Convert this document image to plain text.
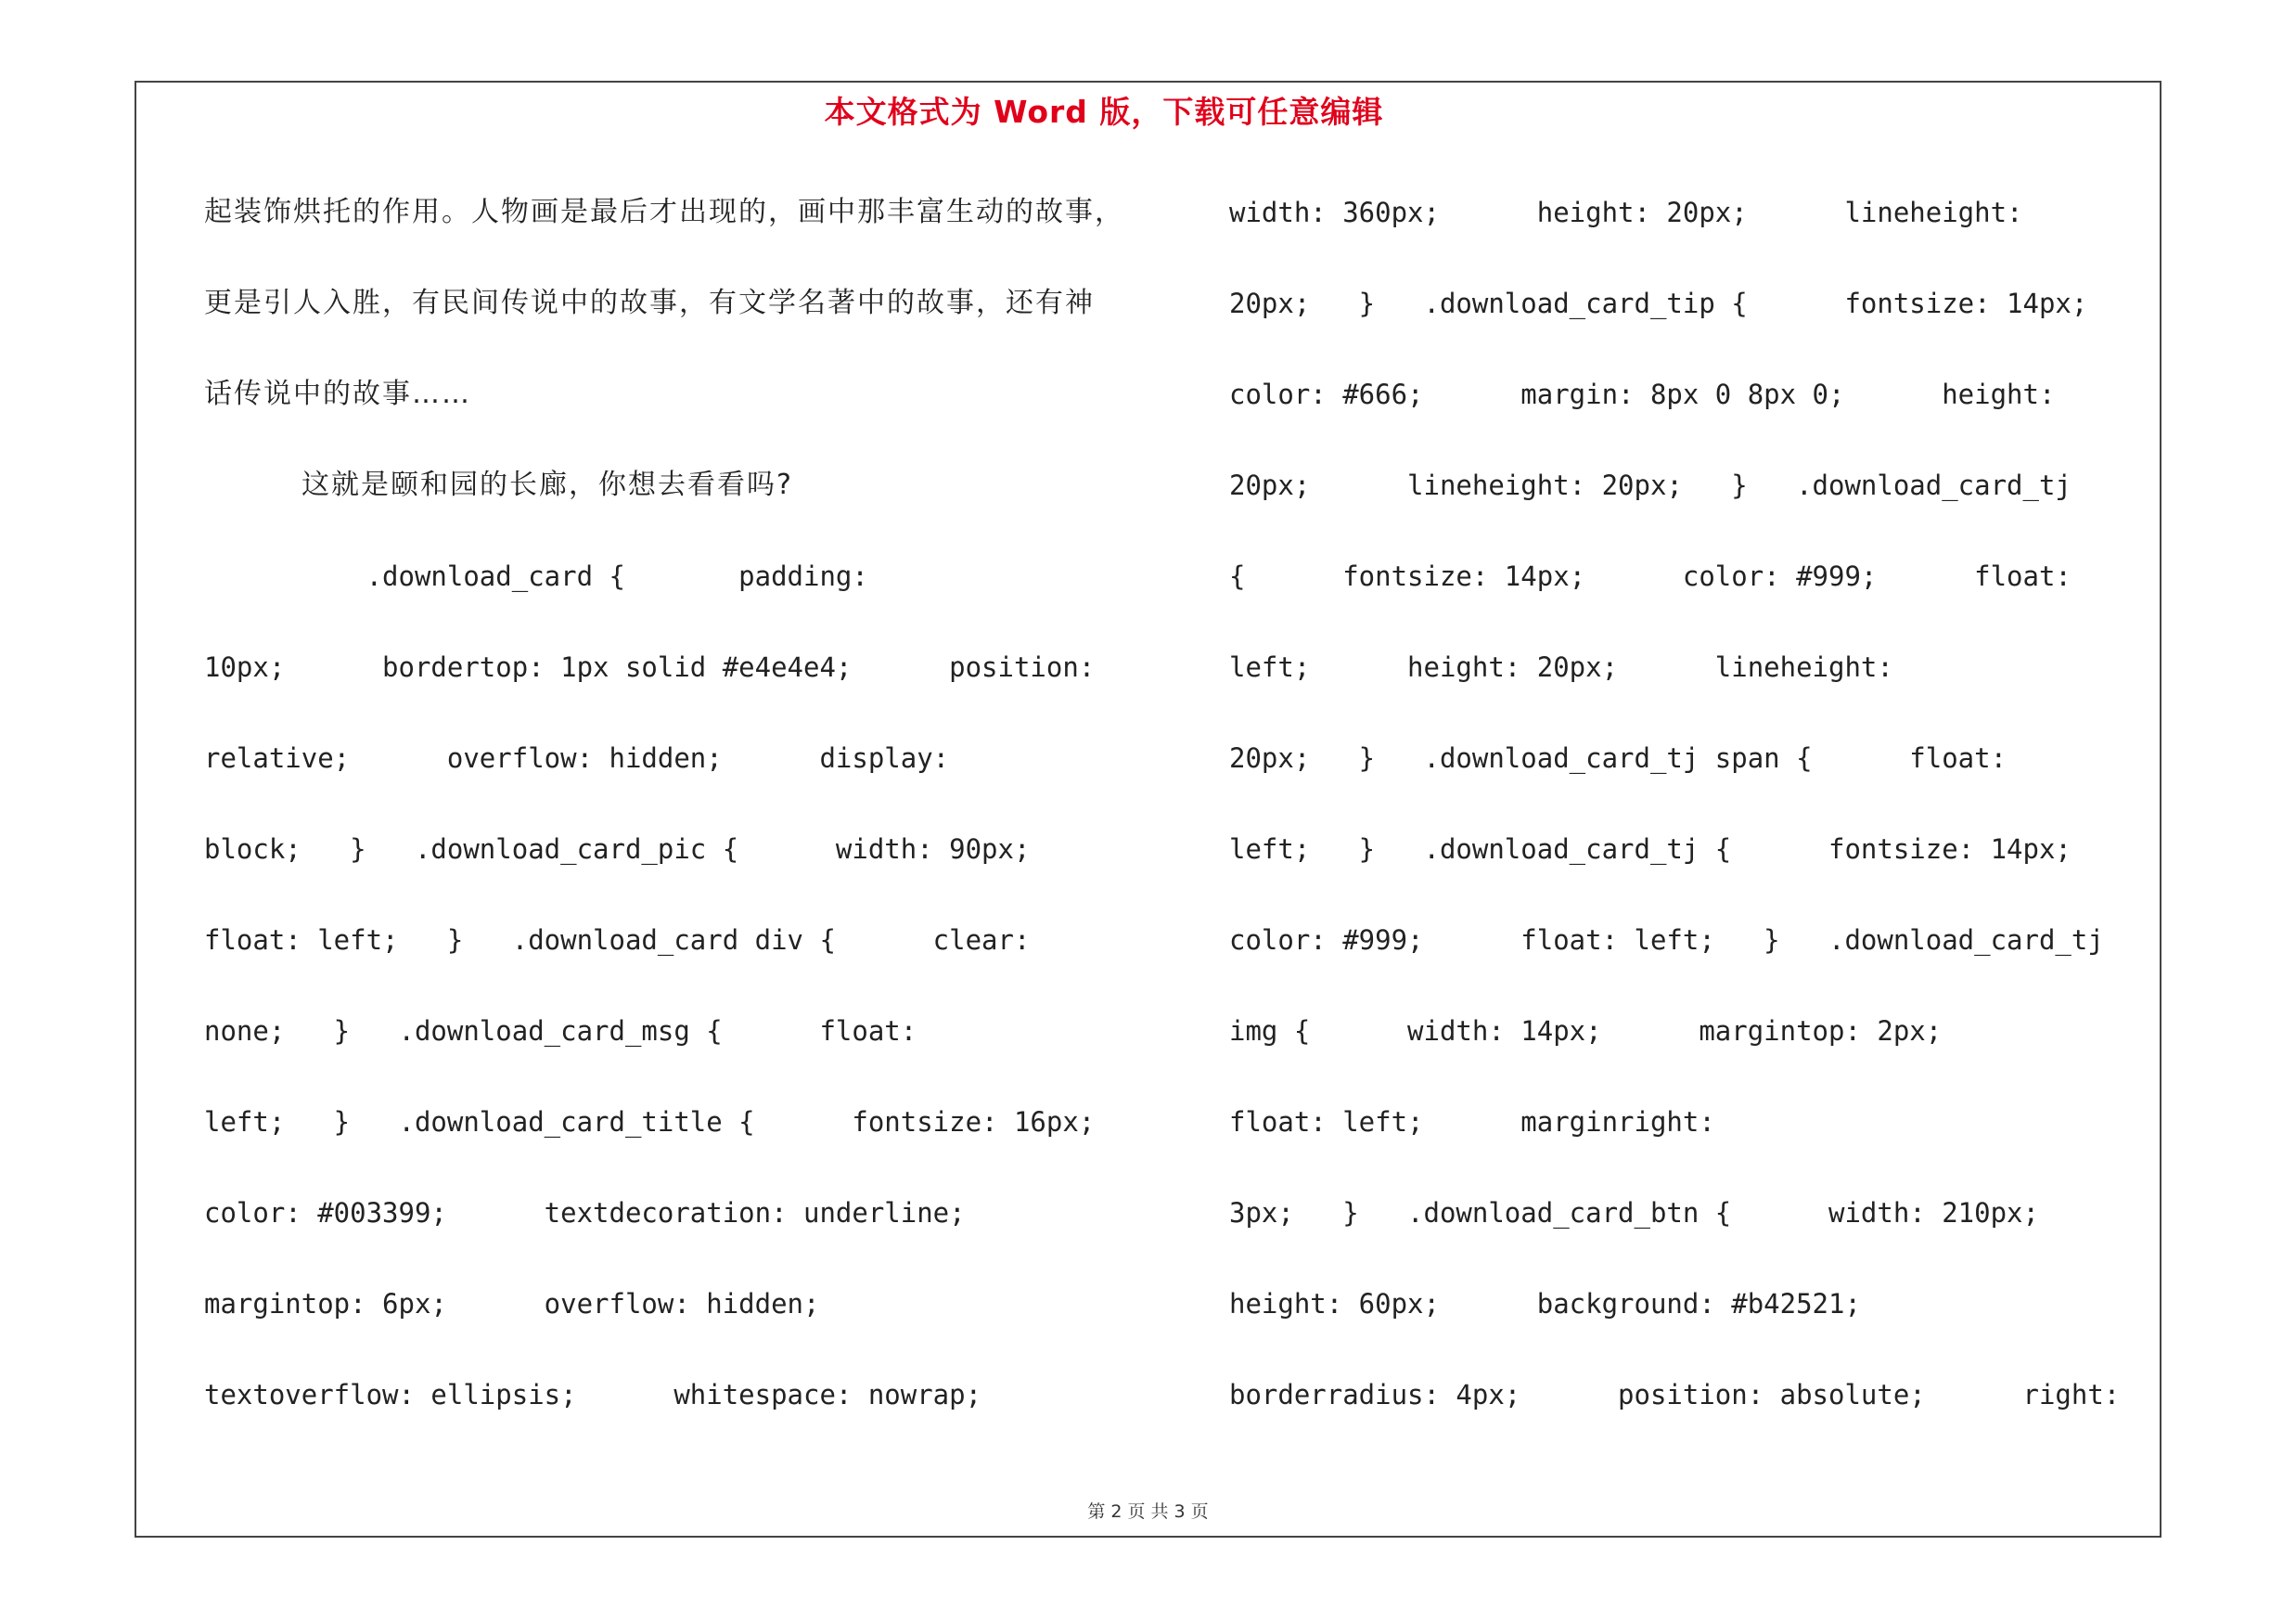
本文格式为 Word 版，下载可任意编辑
起装饰烘托的作用。人物画是最后才出现的，画中那丰富生动的故事，
更是引人入胜，有民间传说中的故事，有文学名著中的故事，还有神
话传说中的故事……
这就是颐和园的长廊，你想去看看吗?
.download_card {       padding:
10px;      bordertop: 1px solid #e4e4e4;      position:
relative;      overflow: hidden;      display:
block;   }   .download_card_pic {      width: 90px;
float: left;   }   .download_card div {      clear:
none;   }   .download_card_msg {      float:
left;   }   .download_card_title {      fontsize: 16px;
color: #003399;      textdecoration: underline;
margintop: 6px;      overflow: hidden;
textoverflow: ellipsis;      whitespace: nowrap;
width: 360px;      height: 20px;      lineheight:
20px;   }   .download_card_tip {      fontsize: 14px;
color: #666;      margin: 8px 0 8px 0;      height:
20px;      lineheight: 20px;   }   .download_card_tj
{      fontsize: 14px;      color: #999;      float:
left;      height: 20px;      lineheight:
20px;   }   .download_card_tj span {      float:
left;   }   .download_card_tj {      fontsize: 14px;
color: #999;      float: left;   }   .download_card_tj
img {      width: 14px;      margintop: 2px;
float: left;      marginright:
3px;   }   .download_card_btn {      width: 210px;
height: 60px;      background: #b42521;
borderradius: 4px;      position: absolute;      right:
第 2 页 共 3 页
